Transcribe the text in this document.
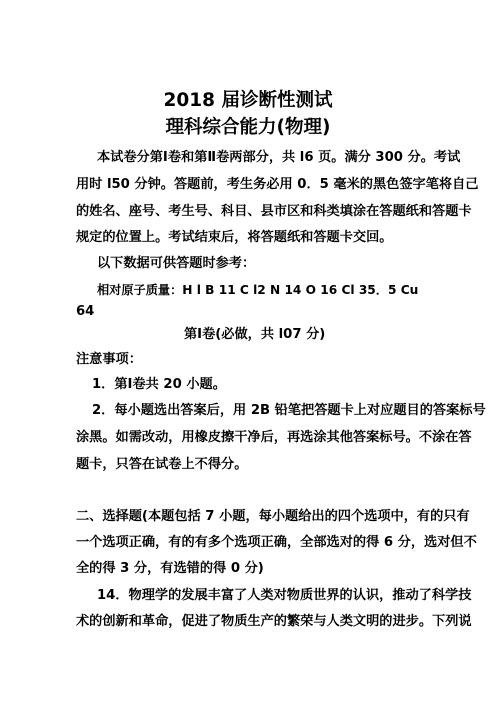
2018 届诊断性测试
理科综合能力(物理)
本试卷分第Ⅰ卷和第Ⅱ卷两部分，共 l6 页。满分 300 分。考试
用时 l50 分钟。答题前，考生务必用 0．5 毫米的黑色签字笔将自己
的姓名、座号、考生号、科目、县市区和科类填涂在答题纸和答题卡
规定的位置上。考试结束后，将答题纸和答题卡交回。
以下数据可供答题时参考：
相对原子质量：H l B 11 C l2 N 14 O 16 Cl 35．5 Cu
64
第Ⅰ卷(必做，共 l07 分)
注意事项：
1．第Ⅰ卷共 20 小题。
2．每小题选出答案后，用 2B 铅笔把答题卡上对应题目的答案标号
涂黑。如需改动，用橡皮擦干净后，再选涂其他答案标号。不涂在答
题卡，只答在试卷上不得分。
二、选择题(本题包括 7 小题，每小题给出的四个选项中，有的只有
一个选项正确，有的有多个选项正确，全部选对的得 6 分，选对但不
全的得 3 分，有选错的得 0 分)
14．物理学的发展丰富了人类对物质世界的认识，推动了科学技
术的创新和革命，促进了物质生产的繁荣与人类文明的进步。下列说
